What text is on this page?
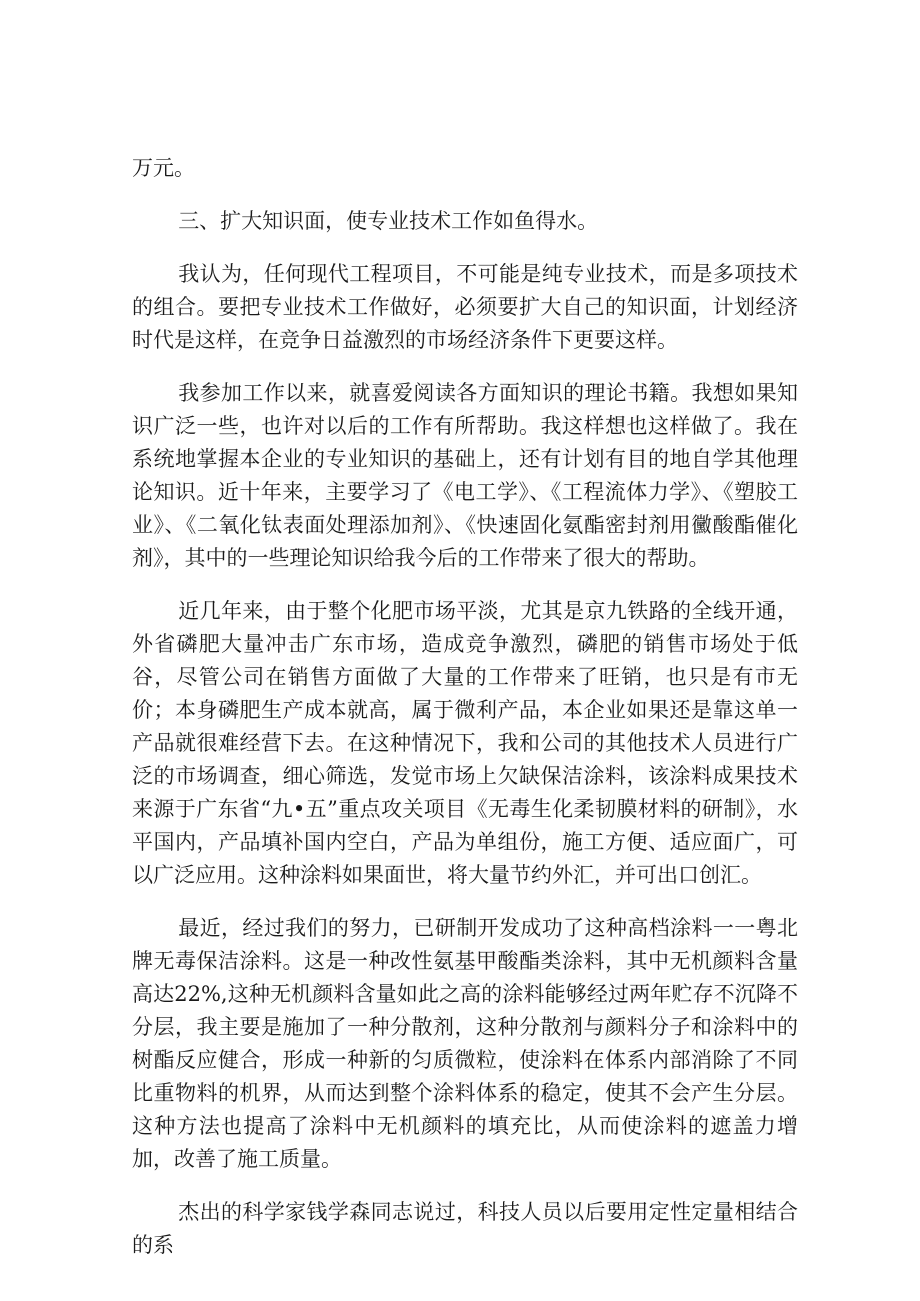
万元。

三、扩大知识面，使专业技术工作如鱼得水。

我认为，任何现代工程项目，不可能是纯专业技术，而是多项技术的组合。要把专业技术工作做好，必须要扩大自己的知识面，计划经济时代是这样，在竞争日益激烈的市场经济条件下更要这样。

我参加工作以来，就喜爱阅读各方面知识的理论书籍。我想如果知识广泛一些，也许对以后的工作有所帮助。我这样想也这样做了。我在系统地掌握本企业的专业知识的基础上，还有计划有目的地自学其他理论知识。近十年来，主要学习了《电工学》、《工程流体力学》、《塑胶工业》、《二氧化钛表面处理添加剂》、《快速固化氨酯密封剂用黴酸酯催化剂》，其中的一些理论知识给我今后的工作带来了很大的帮助。

近几年来，由于整个化肥市场平淡，尤其是京九铁路的全线开通，外省磷肥大量冲击广东市场，造成竞争激烈，磷肥的销售市场处于低谷，尽管公司在销售方面做了大量的工作带来了旺销，也只是有市无价；本身磷肥生产成本就高，属于微利产品，本企业如果还是靠这单一产品就很难经营下去。在这种情况下，我和公司的其他技术人员进行广泛的市场调查，细心筛选，发觉市场上欠缺保洁涂料，该涂料成果技术来源于广东省“九•五”重点攻关项目《无毒生化柔韧膜材料的研制》，水平国内，产品填补国内空白，产品为单组份，施工方便、适应面广，可以广泛应用。这种涂料如果面世，将大量节约外汇，并可出口创汇。

最近，经过我们的努力，已研制开发成功了这种高档涂料一一粤北牌无毒保洁涂料。这是一种改性氨基甲酸酯类涂料，其中无机颜料含量高达22%,这种无机颜料含量如此之高的涂料能够经过两年贮存不沉降不分层，我主要是施加了一种分散剂，这种分散剂与颜料分子和涂料中的树酯反应健合，形成一种新的匀质微粒，使涂料在体系内部消除了不同比重物料的机界，从而达到整个涂料体系的稳定，使其不会产生分层。这种方法也提高了涂料中无机颜料的填充比，从而使涂料的遮盖力增加，改善了施工质量。

杰出的科学家钱学森同志说过，科技人员以后要用定性定量相结合的系
